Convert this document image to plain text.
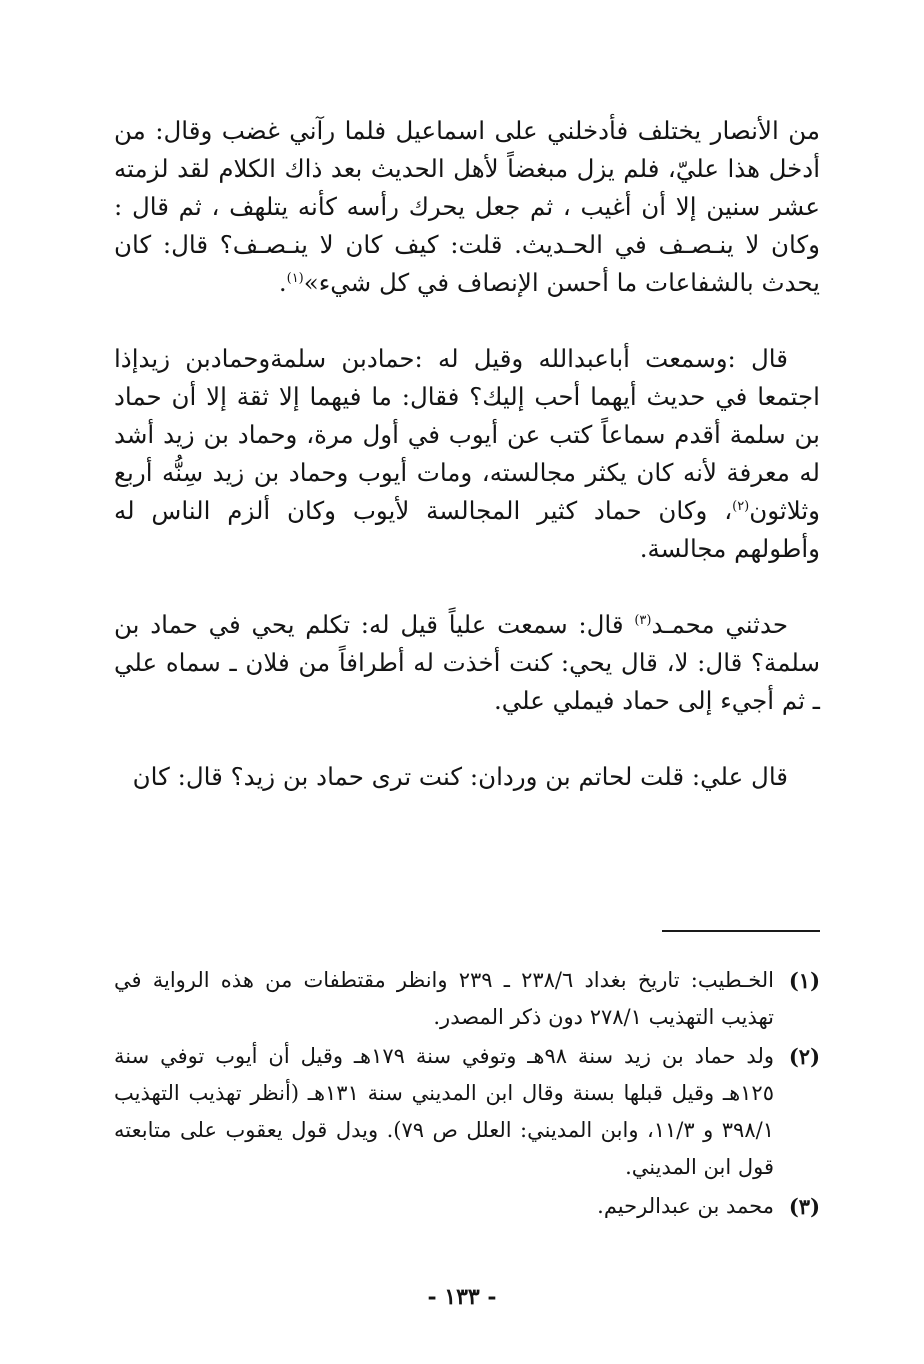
من الأنصار يختلف فأدخلني على اسماعيل فلما رآني غضب وقال: من أدخل هذا عليّ، فلم يزل مبغضاً لأهل الحديث بعد ذاك الكلام لقد لزمته عشر سنين إلا أن أغيب ، ثم جعل يحرك رأسه كأنه يتلهف ، ثم قال : وكان لا ينـصـف في الحـديث. قلت: كيف كان لا ينـصـف؟ قال: كان يحدث بالشفاعات ما أحسن الإنصاف في كل شيء»$^{(١)}$.

قال :وسمعت أباعبدالله وقيل له :حمادبن سلمةوحمادبن زيدإذا اجتمعا في حديث أيهما أحب إليك؟ فقال: ما فيهما إلا ثقة إلا أن حماد بن سلمة أقدم سماعاً كتب عن أيوب في أول مرة، وحماد بن زيد أشد له معرفة لأنه كان يكثر مجالسته، ومات أيوب وحماد بن زيد سِنُّه أربع وثلاثون$^{(٢)}$، وكان حماد كثير المجالسة لأيوب وكان ألزم الناس له وأطولهم مجالسة.

حدثني محمـد$^{(٣)}$ قال: سمعت علياً قيل له: تكلم يحي في حماد بن سلمة؟ قال: لا، قال يحي: كنت أخذت له أطرافاً من فلان ـ سماه علي ـ ثم أجيء إلى حماد فيملي علي.

قال علي: قلت لحاتم بن وردان: كنت ترى حماد بن زيد؟ قال: كان

(١)
الخـطيب: تاريخ بغداد ٢٣٨/٦ ـ ٢٣٩ وانظر مقتطفات من هذه الرواية في تهذيب التهذيب ٢٧٨/١ دون ذكر المصدر.
(٢)
ولد حماد بن زيد سنة ٩٨هـ وتوفي سنة ١٧٩هـ وقيل أن أيوب توفي سنة ١٢٥هـ وقيل قبلها بسنة وقال ابن المديني سنة ١٣١هـ (أنظر تهذيب التهذيب ٣٩٨/١ و ١١/٣، وابن المديني: العلل ص ٧٩). ويدل قول يعقوب على متابعته قول ابن المديني.
(٣)
محمد بن عبدالرحيم.
- ١٣٣ -
